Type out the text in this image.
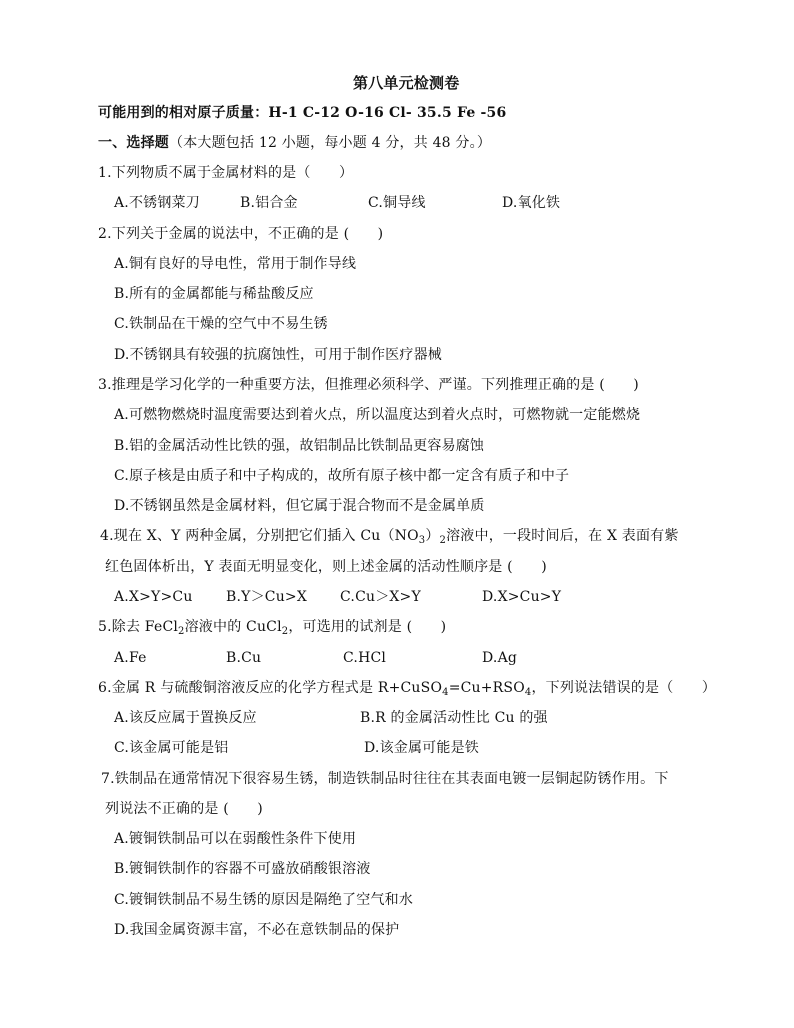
第八单元检测卷
可能用到的相对原子质量：H-1 C-12 O-16 Cl- 35.5 Fe -56
一、选择题（本大题包括 12 小题，每小题 4 分，共 48 分。）
1.下列物质不属于金属材料的是（　　）
A.不锈钢菜刀	B.铝合金	C.铜导线	D.氧化铁
2.下列关于金属的说法中，不正确的是 (　　)
A.铜有良好的导电性，常用于制作导线
B.所有的金属都能与稀盐酸反应
C.铁制品在干燥的空气中不易生锈
D.不锈钢具有较强的抗腐蚀性，可用于制作医疗器械
3.推理是学习化学的一种重要方法，但推理必须科学、严谨。下列推理正确的是 (　　)
A.可燃物燃烧时温度需要达到着火点，所以温度达到着火点时，可燃物就一定能燃烧
B.铝的金属活动性比铁的强，故铝制品比铁制品更容易腐蚀
C.原子核是由质子和中子构成的，故所有原子核中都一定含有质子和中子
D.不锈钢虽然是金属材料，但它属于混合物而不是金属单质
4.现在 X、Y 两种金属，分别把它们插入 $Cu(NO_3)_2$溶液中，一段时间后，在 X 表面有紫
红色固体析出，Y 表面无明显变化，则上述金属的活动性顺序是 (　　)
A.X>Y>Cu B.Y＞Cu>X C.Cu＞X>Y	D.X>Cu>Y
5.除去 FeCl$_2$溶液中的 CuCl$_2$，可选用的试剂是 (　　)
A.Fe	B.Cu	C.HCl	D.Ag
6.金属 R 与硫酸铜溶液反应的化学方程式是 $R+CuSO_4=Cu+RSO_4$，下列说法错误的是（　　）
A.该反应属于置换反应	B.R 的金属活动性比 Cu 的强
C.该金属可能是铝	D.该金属可能是铁
7.铁制品在通常情况下很容易生锈，制造铁制品时往往在其表面电镀一层铜起防锈作用。下
列说法不正确的是 (　　)
A.镀铜铁制品可以在弱酸性条件下使用
B.镀铜铁制作的容器不可盛放硝酸银溶液
C.镀铜铁制品不易生锈的原因是隔绝了空气和水
D.我国金属资源丰富，不必在意铁制品的保护
